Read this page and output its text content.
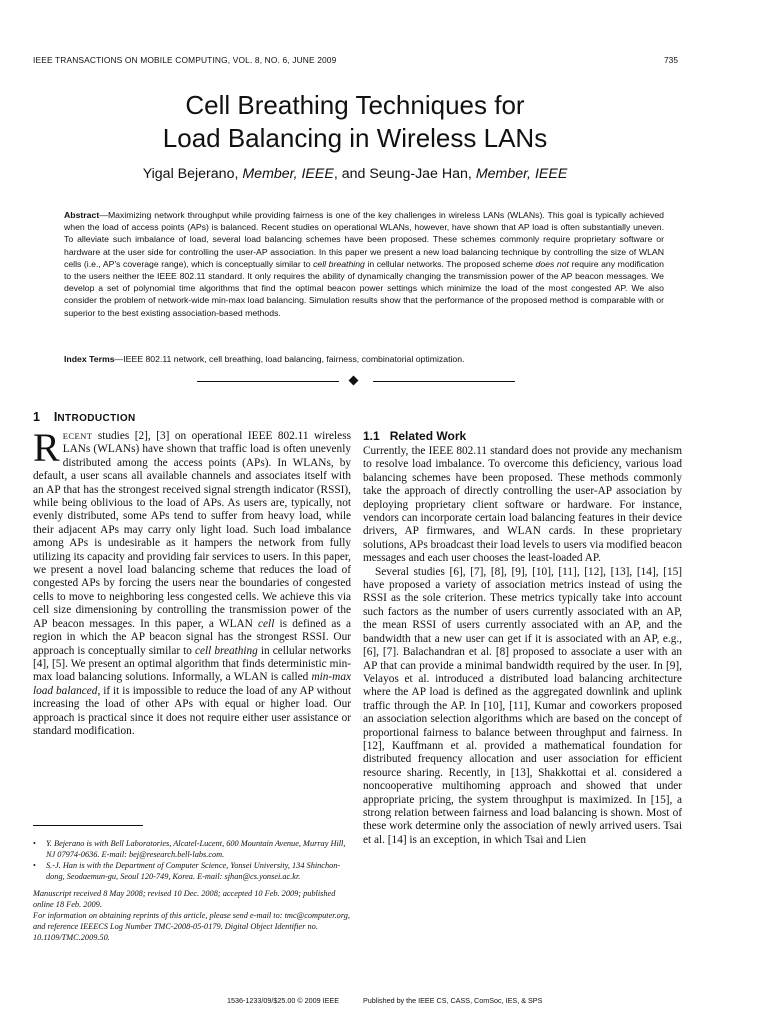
IEEE TRANSACTIONS ON MOBILE COMPUTING, VOL. 8, NO. 6, JUNE 2009	735
Cell Breathing Techniques for
Load Balancing in Wireless LANs
Yigal Bejerano, Member, IEEE, and Seung-Jae Han, Member, IEEE

Abstract—Maximizing network throughput while providing fairness is one of the key challenges in wireless LANs (WLANs). This goal is typically achieved when the load of access points (APs) is balanced. Recent studies on operational WLANs, however, have shown that AP load is often substantially uneven. To alleviate such imbalance of load, several load balancing schemes have been proposed. These schemes commonly require proprietary software or hardware at the user side for controlling the user-AP association. In this paper we present a new load balancing technique by controlling the size of WLAN cells (i.e., AP's coverage range), which is conceptually similar to cell breathing in cellular networks. The proposed scheme does not require any modification to the users neither the IEEE 802.11 standard. It only requires the ability of dynamically changing the transmission power of the AP beacon messages. We develop a set of polynomial time algorithms that find the optimal beacon power settings which minimize the load of the most congested AP. We also consider the problem of network-wide min-max load balancing. Simulation results show that the performance of the proposed method is comparable with or superior to the best existing association-based methods.

Index Terms—IEEE 802.11 network, cell breathing, load balancing, fairness, combinatorial optimization.

1 INTRODUCTION

RECENT studies [2], [3] on operational IEEE 802.11 wireless LANs (WLANs) have shown that traffic load is often unevenly distributed among the access points (APs). In WLANs, by default, a user scans all available channels and associates itself with an AP that has the strongest received signal strength indicator (RSSI), while being oblivious to the load of APs. As users are, typically, not evenly distributed, some APs tend to suffer from heavy load, while their adjacent APs may carry only light load. Such load imbalance among APs is undesirable as it hampers the network from fully utilizing its capacity and providing fair services to users. In this paper, we present a novel load balancing scheme that reduces the load of congested APs by forcing the users near the boundaries of congested cells to move to neighboring less congested cells. We achieve this via cell size dimensioning by controlling the transmission power of the AP beacon messages. In this paper, a WLAN cell is defined as a region in which the AP beacon signal has the strongest RSSI. Our approach is conceptually similar to cell breathing in cellular networks [4], [5]. We present an optimal algorithm that finds deterministic min-max load balancing solutions. Informally, a WLAN is called min-max load balanced, if it is impossible to reduce the load of any AP without increasing the load of other APs with equal or higher load. Our approach is practical since it does not require either user assistance or standard modification.

1.1 Related Work

Currently, the IEEE 802.11 standard does not provide any mechanism to resolve load imbalance. To overcome this deficiency, various load balancing schemes have been proposed. These methods commonly take the approach of directly controlling the user-AP association by deploying proprietary client software or hardware. For instance, vendors can incorporate certain load balancing features in their device drivers, AP firmwares, and WLAN cards. In these proprietary solutions, APs broadcast their load levels to users via modified beacon messages and each user chooses the least-loaded AP.

Several studies [6], [7], [8], [9], [10], [11], [12], [13], [14], [15] have proposed a variety of association metrics instead of using the RSSI as the sole criterion. These metrics typically take into account such factors as the number of users currently associated with an AP, the mean RSSI of users currently associated with an AP, and the bandwidth that a new user can get if it is associated with an AP, e.g., [6], [7]. Balachandran et al. [8] proposed to associate a user with an AP that can provide a minimal bandwidth required by the user. In [9], Velayos et al. introduced a distributed load balancing architecture where the AP load is defined as the aggregated downlink and uplink traffic through the AP. In [10], [11], Kumar and coworkers proposed an association selection algorithms which are based on the concept of proportional fairness to balance between throughput and fairness. In [12], Kauffmann et al. provided a mathematical foundation for distributed frequency allocation and user association for efficient resource sharing. Recently, in [13], Shakkottai et al. considered a noncooperative multihoming approach and showed that under appropriate pricing, the system throughput is maximized. In [15], a strong relation between fairness and load balancing is shown. Most of these work determine only the association of newly arrived users. Tsai et al. [14] is an exception, in which Tsai and Lien

• Y. Bejerano is with Bell Laboratories, Alcatel-Lucent, 600 Mountain Avenue, Murray Hill, NJ 07974-0636. E-mail: bej@research.bell-labs.com.
• S.-J. Han is with the Department of Computer Science, Yonsei University, 134 Shinchon-dong, Seodaemun-gu, Seoul 120-749, Korea. E-mail: sjhan@cs.yonsei.ac.kr.
Manuscript received 8 May 2008; revised 10 Dec. 2008; accepted 10 Feb. 2009; published online 18 Feb. 2009.
For information on obtaining reprints of this article, please send e-mail to: tmc@computer.org, and reference IEEECS Log Number TMC-2008-05-0179. Digital Object Identifier no. 10.1109/TMC.2009.50.
1536-1233/09/$25.00 © 2009 IEEE	Published by the IEEE CS, CASS, ComSoc, IES, & SPS
